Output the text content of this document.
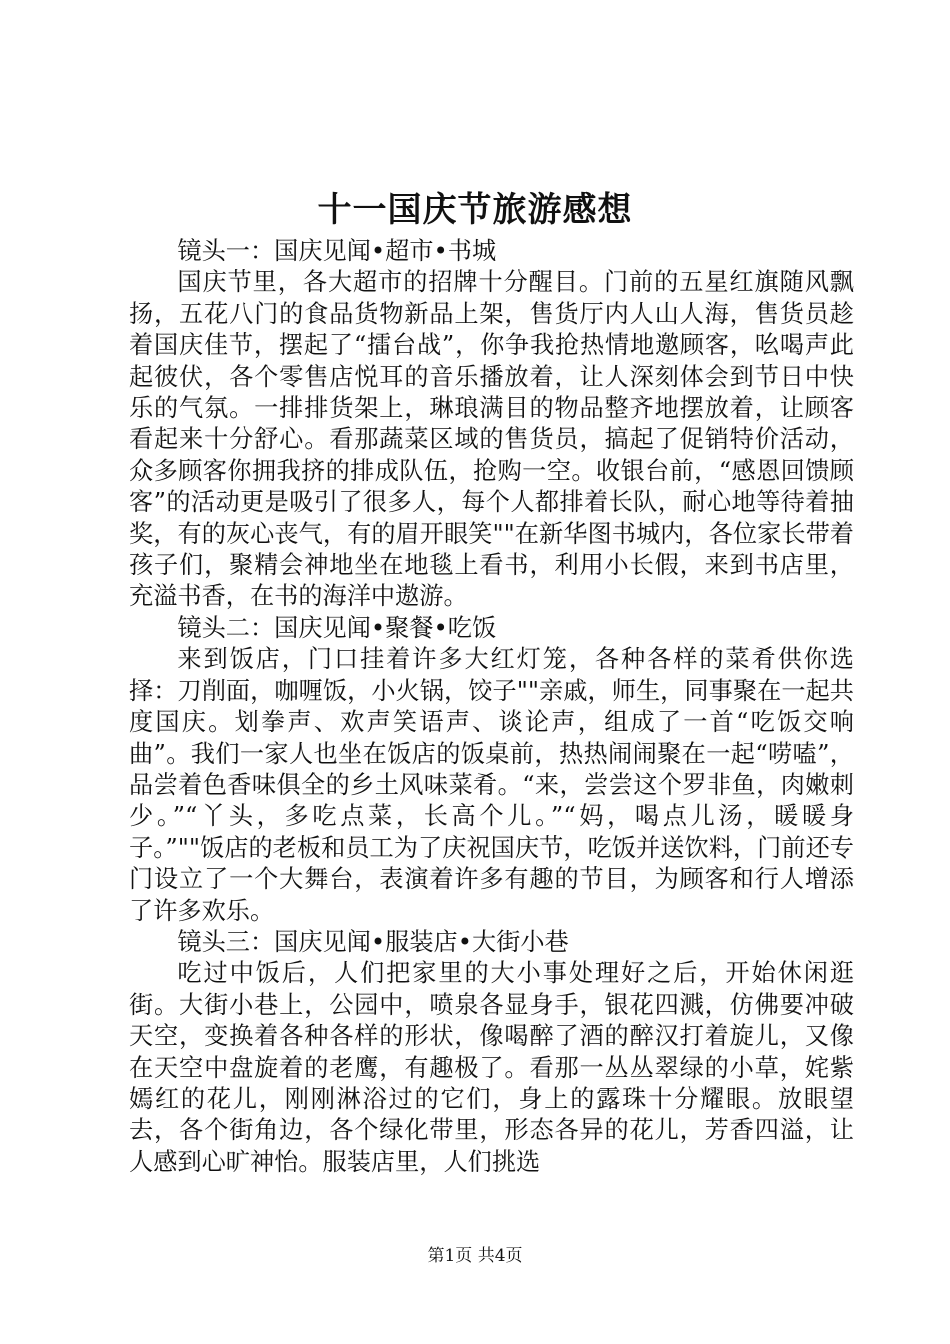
十一国庆节旅游感想

镜头一：国庆见闻•超市•书城

国庆节里，各大超市的招牌十分醒目。门前的五星红旗随风飘扬，五花八门的食品货物新品上架，售货厅内人山人海，售货员趁着国庆佳节，摆起了“擂台战”，你争我抢热情地邀顾客，吆喝声此起彼伏，各个零售店悦耳的音乐播放着，让人深刻体会到节日中快乐的气氛。一排排货架上，琳琅满目的物品整齐地摆放着，让顾客看起来十分舒心。看那蔬菜区域的售货员，搞起了促销特价活动，众多顾客你拥我挤的排成队伍，抢购一空。收银台前，“感恩回馈顾客”的活动更是吸引了很多人，每个人都排着长队，耐心地等待着抽奖，有的灰心丧气，有的眉开眼笑""在新华图书城内，各位家长带着孩子们，聚精会神地坐在地毯上看书，利用小长假，来到书店里，充溢书香，在书的海洋中遨游。

镜头二：国庆见闻•聚餐•吃饭

来到饭店，门口挂着许多大红灯笼，各种各样的菜肴供你选择：刀削面，咖喱饭，小火锅，饺子""亲戚，师生，同事聚在一起共度国庆。划拳声、欢声笑语声、谈论声，组成了一首“吃饭交响曲”。我们一家人也坐在饭店的饭桌前，热热闹闹聚在一起“唠嗑”，品尝着色香味俱全的乡土风味菜肴。“来，尝尝这个罗非鱼，肉嫩刺少。”“丫头，多吃点菜，长高个儿。”“妈，喝点儿汤，暖暖身子。”""饭店的老板和员工为了庆祝国庆节，吃饭并送饮料，门前还专门设立了一个大舞台，表演着许多有趣的节目，为顾客和行人增添了许多欢乐。

镜头三：国庆见闻•服装店•大街小巷

吃过中饭后，人们把家里的大小事处理好之后，开始休闲逛街。大街小巷上，公园中，喷泉各显身手，银花四溅，仿佛要冲破天空，变换着各种各样的形状，像喝醉了酒的醉汉打着旋儿，又像在天空中盘旋着的老鹰，有趣极了。看那一丛丛翠绿的小草，姹紫嫣红的花儿，刚刚淋浴过的它们，身上的露珠十分耀眼。放眼望去，各个街角边，各个绿化带里，形态各异的花儿，芳香四溢，让人感到心旷神怡。服装店里，人们挑选

第1页 共4页
